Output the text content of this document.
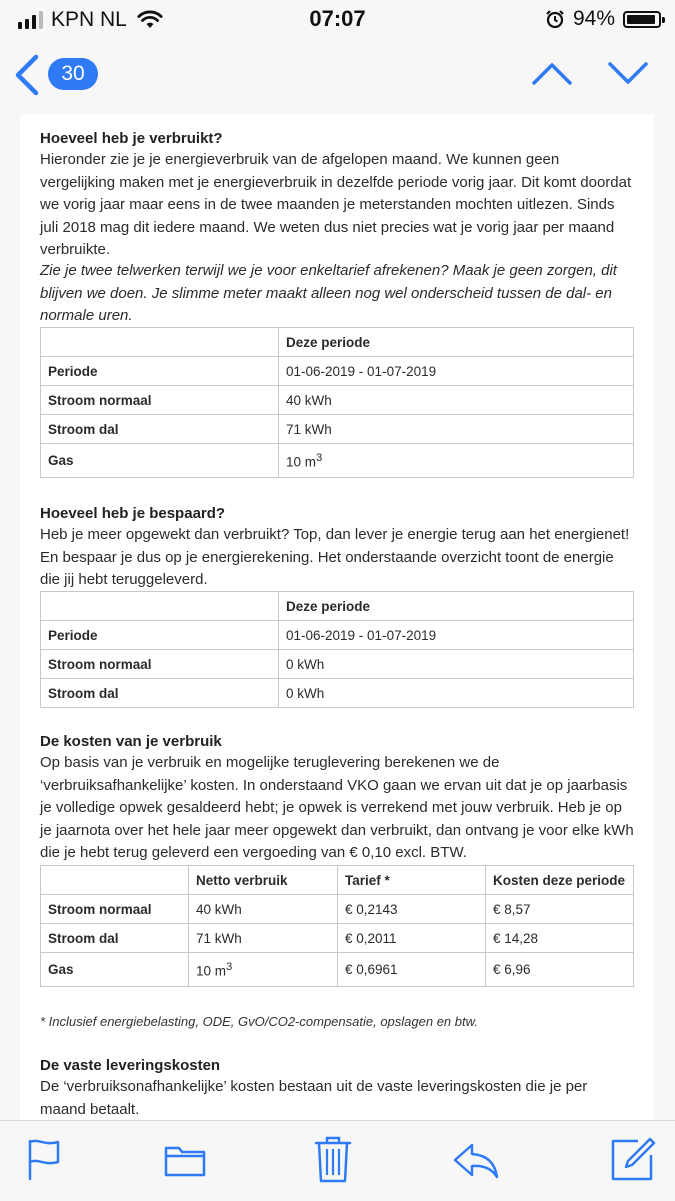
KPN NL	07:07	94%
30

Hoeveel heb je verbruikt?

Hieronder zie je je energieverbruik van de afgelopen maand. We kunnen geen vergelijking maken met je energieverbruik in dezelfde periode vorig jaar. Dit komt doordat we vorig jaar maar eens in de twee maanden je meterstanden mochten uitlezen. Sinds juli 2018 mag dit iedere maand. We weten dus niet precies wat je vorig jaar per maand verbruikte.

Zie je twee telwerken terwijl we je voor enkeltarief afrekenen? Maak je geen zorgen, dit blijven we doen. Je slimme meter maakt alleen nog wel onderscheid tussen de dal- en normale uren.

	Deze periode
Periode	01-06-2019 - 01-07-2019
Stroom normaal	40 kWh
Stroom dal	71 kWh
Gas	10 $m^3$

Hoeveel heb je bespaard?

Heb je meer opgewekt dan verbruikt? Top, dan lever je energie terug aan het energienet! En bespaar je dus op je energierekening. Het onderstaande overzicht toont de energie die jij hebt teruggeleverd.

	Deze periode
Periode	01-06-2019 - 01-07-2019
Stroom normaal	0 kWh
Stroom dal	0 kWh

De kosten van je verbruik

Op basis van je verbruik en mogelijke teruglevering berekenen we de ‘verbruiksafhankelijke’ kosten. In onderstaand VKO gaan we ervan uit dat je op jaarbasis je volledige opwek gesaldeerd hebt; je opwek is verrekend met jouw verbruik. Heb je op je jaarnota over het hele jaar meer opgewekt dan verbruikt, dan ontvang je voor elke kWh die je hebt terug geleverd een vergoeding van € 0,10 excl. BTW.

	Netto verbruik	Tarief *	Kosten deze periode
Stroom normaal	40 kWh	€ 0,2143	€ 8,57
Stroom dal	71 kWh	€ 0,2011	€ 14,28
Gas	10 $m^3$	€ 0,6961	€ 6,96

* Inclusief energiebelasting, ODE, GvO/CO2-compensatie, opslagen en btw.

De vaste leveringskosten

De ‘verbruiksonafhankelijke’ kosten bestaan uit de vaste leveringskosten die je per maand betaalt.
